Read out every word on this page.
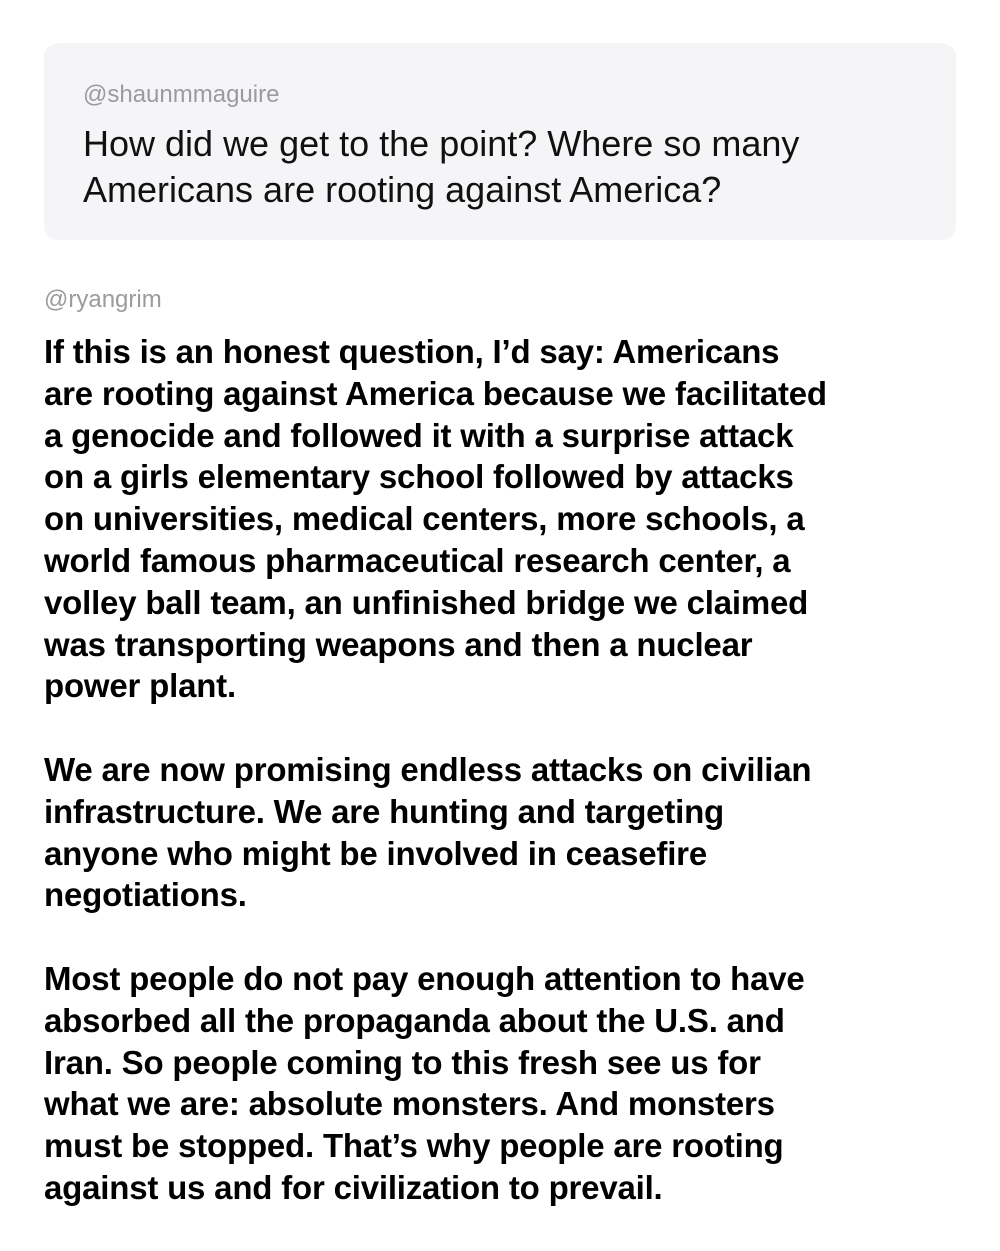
@shaunmmaguire
How did we get to the point? Where so many
Americans are rooting against America?
@ryangrim
If this is an honest question, I’d say: Americans
are rooting against America because we facilitated
a genocide and followed it with a surprise attack
on a girls elementary school followed by attacks
on universities, medical centers, more schools, a
world famous pharmaceutical research center, a
volley ball team, an unfinished bridge we claimed
was transporting weapons and then a nuclear
power plant.
We are now promising endless attacks on civilian
infrastructure. We are hunting and targeting
anyone who might be involved in ceasefire
negotiations.
Most people do not pay enough attention to have
absorbed all the propaganda about the U.S. and
Iran. So people coming to this fresh see us for
what we are: absolute monsters. And monsters
must be stopped. That’s why people are rooting
against us and for civilization to prevail.
